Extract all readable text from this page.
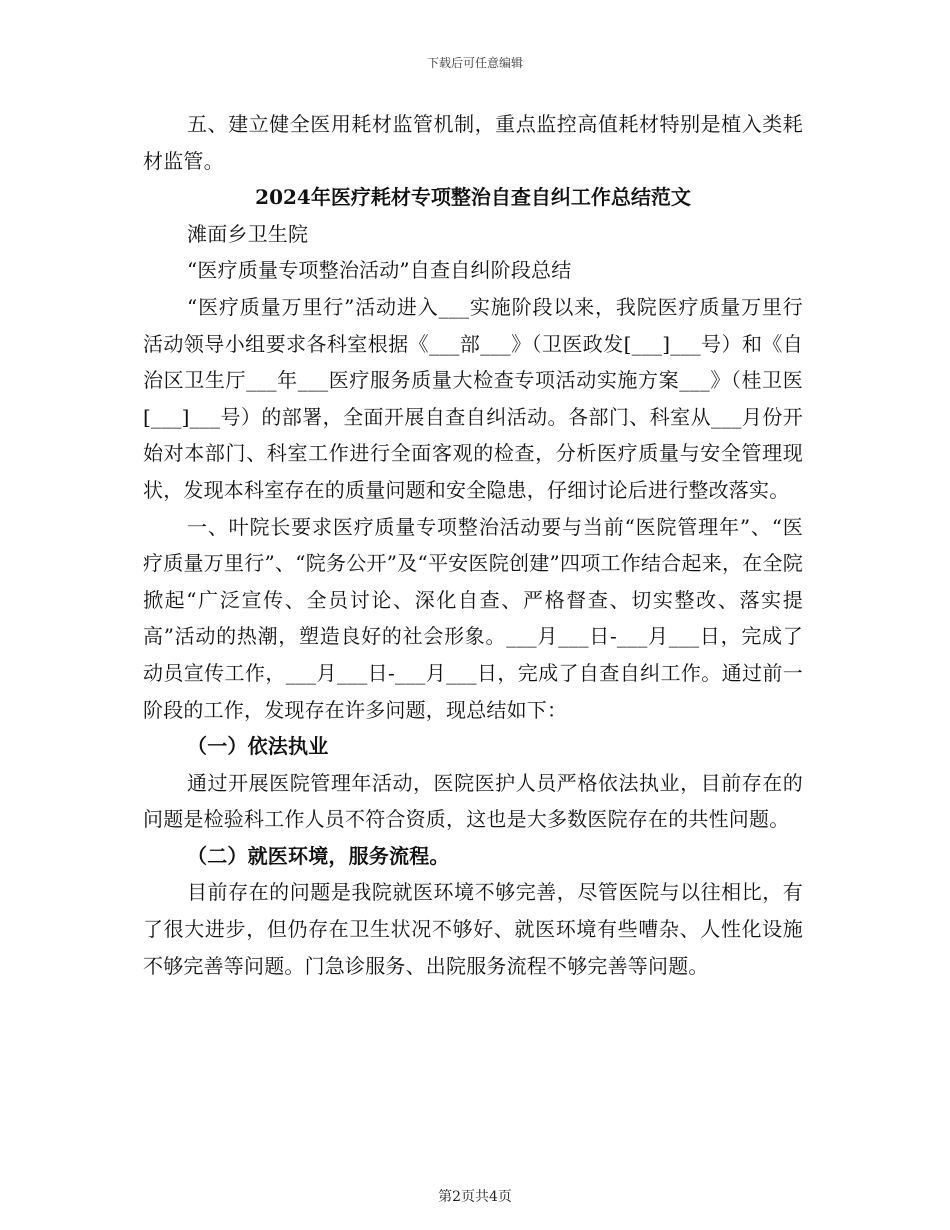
下载后可任意编辑

五、建立健全医用耗材监管机制，重点监控高值耗材特别是植入类耗材监管。

2024年医疗耗材专项整治自查自纠工作总结范文

滩面乡卫生院

“医疗质量专项整治活动”自查自纠阶段总结

“医疗质量万里行”活动进入___实施阶段以来，我院医疗质量万里行活动领导小组要求各科室根据《___部___》（卫医政发[___]___号）和《自治区卫生厅___年___医疗服务质量大检查专项活动实施方案___》（桂卫医[___]___号）的部署，全面开展自查自纠活动。各部门、科室从___月份开始对本部门、科室工作进行全面客观的检查，分析医疗质量与安全管理现状，发现本科室存在的质量问题和安全隐患，仔细讨论后进行整改落实。

一、叶院长要求医疗质量专项整治活动要与当前“医院管理年”、“医疗质量万里行”、“院务公开”及“平安医院创建”四项工作结合起来，在全院掀起“广泛宣传、全员讨论、深化自查、严格督查、切实整改、落实提高”活动的热潮，塑造良好的社会形象。___月___日-___月___日，完成了动员宣传工作，___月___日-___月___日，完成了自查自纠工作。通过前一阶段的工作，发现存在许多问题，现总结如下：

（一）依法执业

通过开展医院管理年活动，医院医护人员严格依法执业，目前存在的问题是检验科工作人员不符合资质，这也是大多数医院存在的共性问题。

（二）就医环境，服务流程。

目前存在的问题是我院就医环境不够完善，尽管医院与以往相比，有了很大进步，但仍存在卫生状况不够好、就医环境有些嘈杂、人性化设施不够完善等问题。门急诊服务、出院服务流程不够完善等问题。

第2页共4页
